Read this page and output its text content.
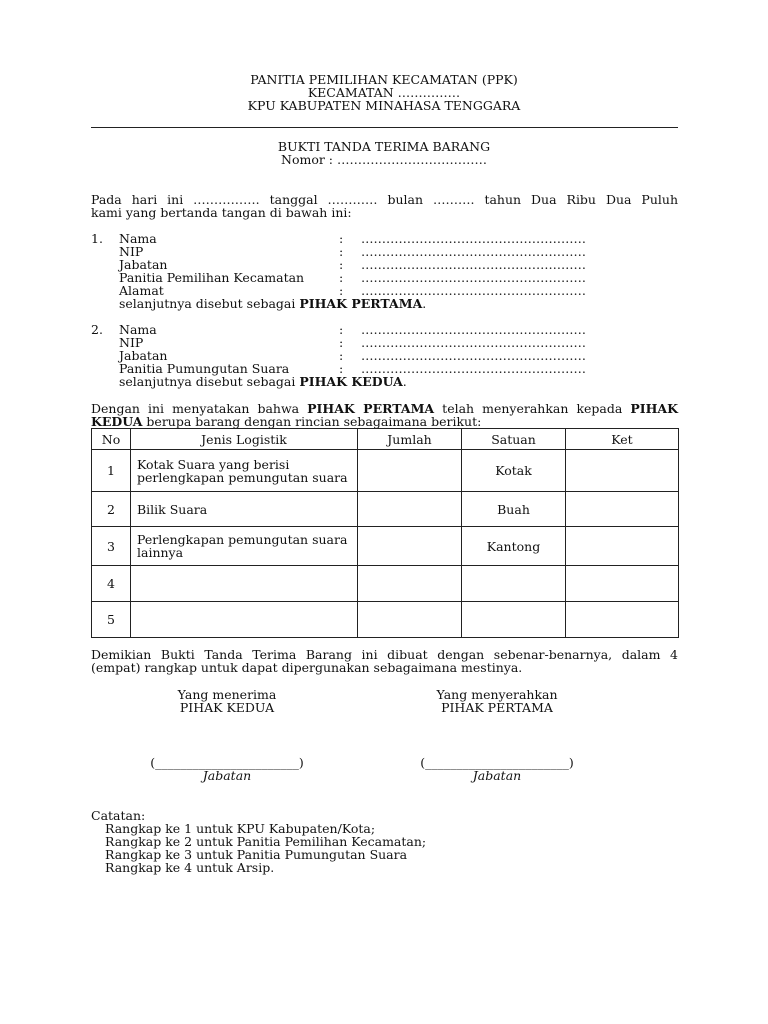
PANITIA PEMILIHAN KECAMATAN (PPK)
KECAMATAN ……………
KPU KABUPATEN MINAHASA TENGGARA
BUKTI TANDA TERIMA BARANG
Nomor : ………………………………
Pada hari ini ……………. tanggal ………… bulan ………. tahun Dua Ribu Dua Puluh
kami yang bertanda tangan di bawah ini:
1. Nama	: ………………………………………………
NIP	: ………………………………………………
Jabatan	: ………………………………………………
Panitia Pemilihan Kecamatan	: ………………………………………………
Alamat	: ………………………………………………
selanjutnya disebut sebagai PIHAK PERTAMA.
2. Nama	: ………………………………………………
NIP	: ………………………………………………
Jabatan	: ………………………………………………
Panitia Pumungutan Suara	: ………………………………………………
selanjutnya disebut sebagai PIHAK KEDUA.
Dengan ini menyatakan bahwa PIHAK PERTAMA telah menyerahkan kepada PIHAK
KEDUA berupa barang dengan rincian sebagaimana berikut:
No	Jenis Logistik	Jumlah	Satuan	Ket
1	Kotak Suara yang berisi perlengkapan pemungutan suara		Kotak	
2	Bilik Suara		Buah	
3	Perlengkapan pemungutan suara lainnya		Kantong	
4				
5				
Demikian Bukti Tanda Terima Barang ini dibuat dengan sebenar-benarnya, dalam 4
(empat) rangkap untuk dapat dipergunakan sebagaimana mestinya.
Yang menerima
PIHAK KEDUA
(_______________________)
Jabatan
Yang menyerahkan
PIHAK PERTAMA
(_______________________)
Jabatan
Catatan:
Rangkap ke 1 untuk KPU Kabupaten/Kota;
Rangkap ke 2 untuk Panitia Pemilihan Kecamatan;
Rangkap ke 3 untuk Panitia Pumungutan Suara
Rangkap ke 4 untuk Arsip.
